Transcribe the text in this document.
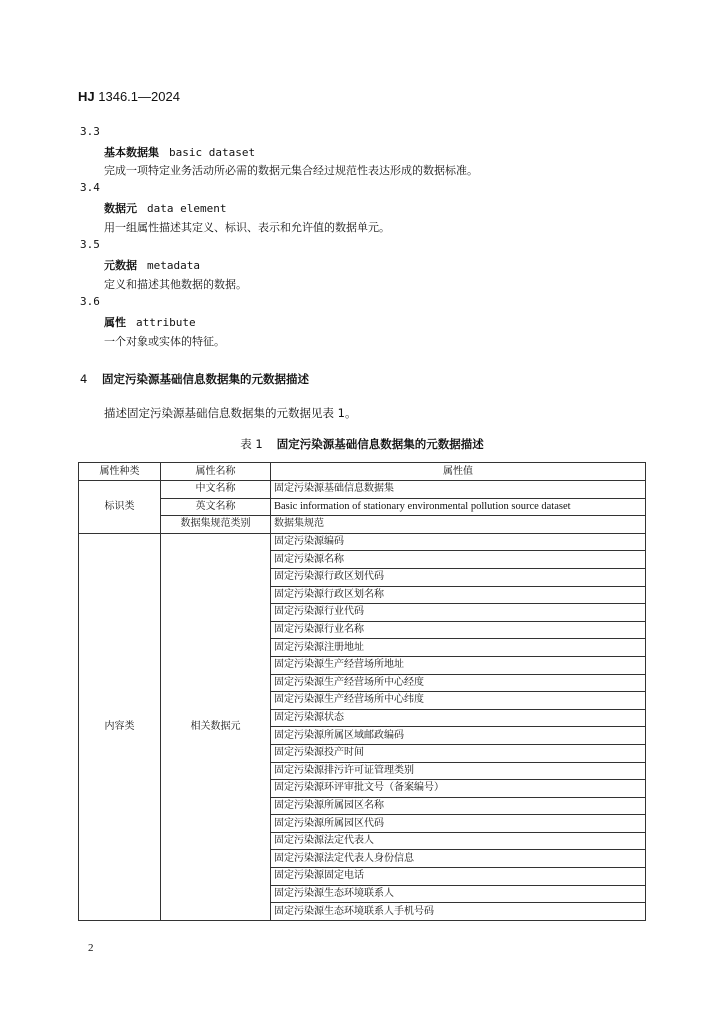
HJ 1346.1—2024
3.3
基本数据集 basic dataset
完成一项特定业务活动所必需的数据元集合经过规范性表达形成的数据标准。
3.4
数据元 data element
用一组属性描述其定义、标识、表示和允许值的数据单元。
3.5
元数据 metadata
定义和描述其他数据的数据。
3.6
属性 attribute
一个对象或实体的特征。
4 固定污染源基础信息数据集的元数据描述
描述固定污染源基础信息数据集的元数据见表 1。
表 1 固定污染源基础信息数据集的元数据描述
属性种类	属性名称	属性值
标识类	中文名称	固定污染源基础信息数据集
	英文名称	Basic information of stationary environmental pollution source dataset
	数据集规范类别	数据集规范
内容类	相关数据元	固定污染源编码
		固定污染源名称
		固定污染源行政区划代码
		固定污染源行政区划名称
		固定污染源行业代码
		固定污染源行业名称
		固定污染源注册地址
		固定污染源生产经营场所地址
		固定污染源生产经营场所中心经度
		固定污染源生产经营场所中心纬度
		固定污染源状态
		固定污染源所属区域邮政编码
		固定污染源投产时间
		固定污染源排污许可证管理类别
		固定污染源环评审批文号（备案编号）
		固定污染源所属园区名称
		固定污染源所属园区代码
		固定污染源法定代表人
		固定污染源法定代表人身份信息
		固定污染源固定电话
		固定污染源生态环境联系人
		固定污染源生态环境联系人手机号码
2
